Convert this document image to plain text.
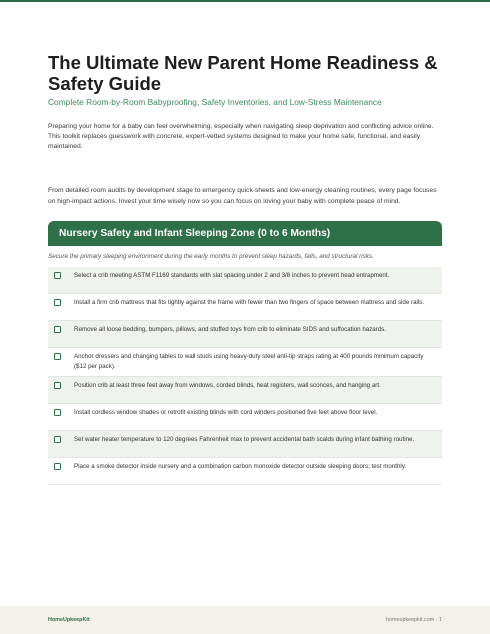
The Ultimate New Parent Home Readiness & Safety Guide

Complete Room-by-Room Babyproofing, Safety Inventories, and Low-Stress Maintenance

Preparing your home for a baby can feel overwhelming, especially when navigating sleep deprivation and conflicting advice online. This toolkit replaces guesswork with concrete, expert-vetted systems designed to make your home safe, functional, and easily maintained.

From detailed room audits by development stage to emergency quick-sheets and low-energy cleaning routines, every page focuses on high-impact actions. Invest your time wisely now so you can focus on loving your baby with complete peace of mind.

Nursery Safety and Infant Sleeping Zone (0 to 6 Months)

Secure the primary sleeping environment during the early months to prevent sleep hazards, falls, and structural risks.

Select a crib meeting ASTM F1169 standards with slat spacing under 2 and 3/8 inches to prevent head entrapment.
Install a firm crib mattress that fits tightly against the frame with fewer than two fingers of space between mattress and side rails.
Remove all loose bedding, bumpers, pillows, and stuffed toys from crib to eliminate SIDS and suffocation hazards.
Anchor dressers and changing tables to wall studs using heavy-duty steel anti-tip straps rating at 400 pounds minimum capacity ($12 per pack).
Position crib at least three feet away from windows, corded blinds, heat registers, wall sconces, and hanging art.
Install cordless window shades or retrofit existing blinds with cord winders positioned five feet above floor level.
Set water heater temperature to 120 degrees Fahrenheit max to prevent accidental bath scalds during infant bathing routine.
Place a smoke detector inside nursery and a combination carbon monoxide detector outside sleeping doors; test monthly.
HomeUpkeepKit	homeupkeepkit.com · 1
